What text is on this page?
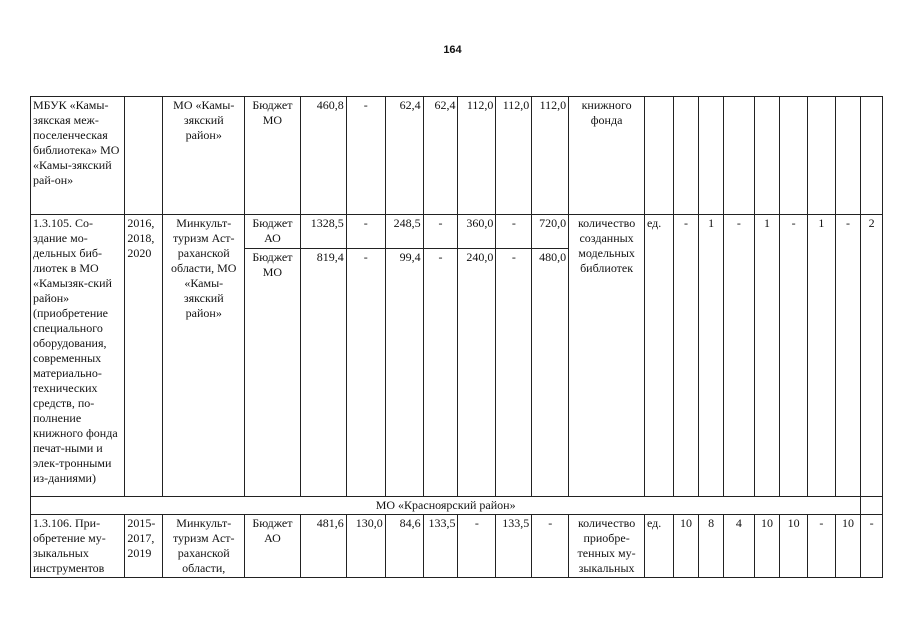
164
МБУК «Камы-зякская меж-поселенческая библиотека» МО «Камы-зякский рай-он»		МО «Камы-зякский район»	Бюджет МО	460,8	-	62,4	62,4	112,0	112,0	112,0	книжного фонда									
1.3.105. Со-здание мо-дельных биб-лиотек в МО «Камызяк-ский район» (приобретение специального оборудования, современных материально-технических средств, по-полнение книжного фонда печат-ными и элек-тронными из-даниями)	2016, 2018, 2020	Минкульт-туризм Аст-раханской области, МО «Камы-зякский район»	Бюджет АО	1328,5	-	248,5	-	360,0	-	720,0	количество созданных модельных библиотек	ед.	-	1	-	1	-	1	-	2
			Бюджет МО	819,4	-	99,4	-	240,0	-	480,0										
МО «Красноярский район»																				
1.3.106. При-обретение му-зыкальных инструментов	2015-2017, 2019	Минкульт-туризм Аст-раханской области,	Бюджет АО	481,6	130,0	84,6	133,5	-	133,5	-	количество приобре-тенных му-зыкальных	ед.	10	8	4	10	10	-	10	-
